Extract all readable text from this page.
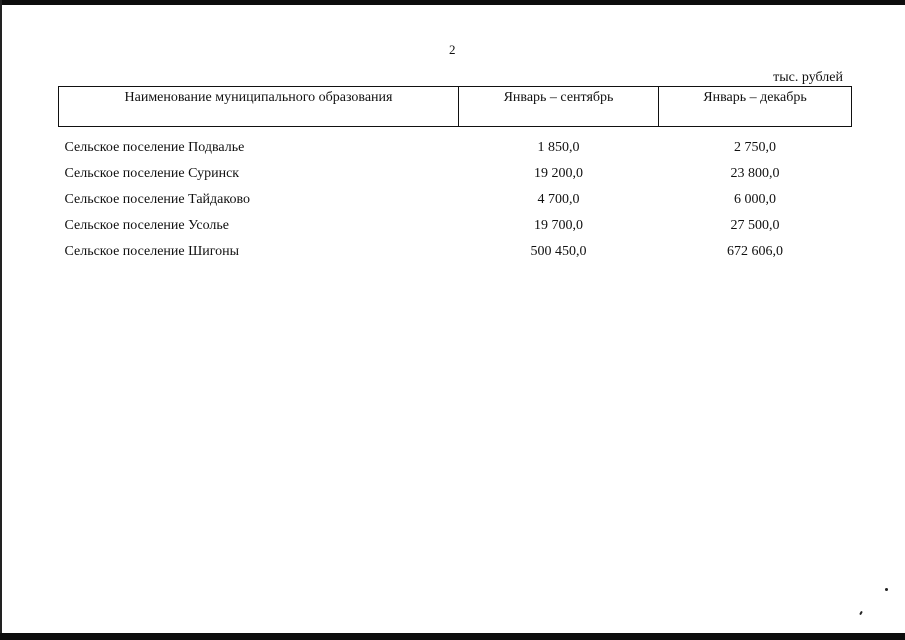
2
тыс. рублей
Наименование муниципального образования	Январь – сентябрь	Январь – декабрь
Сельское поселение Подвалье	1 850,0	2 750,0
Сельское поселение Суринск	19 200,0	23 800,0
Сельское поселение Тайдаково	4 700,0	6 000,0
Сельское поселение Усолье	19 700,0	27 500,0
Сельское поселение Шигоны	500 450,0	672 606,0
